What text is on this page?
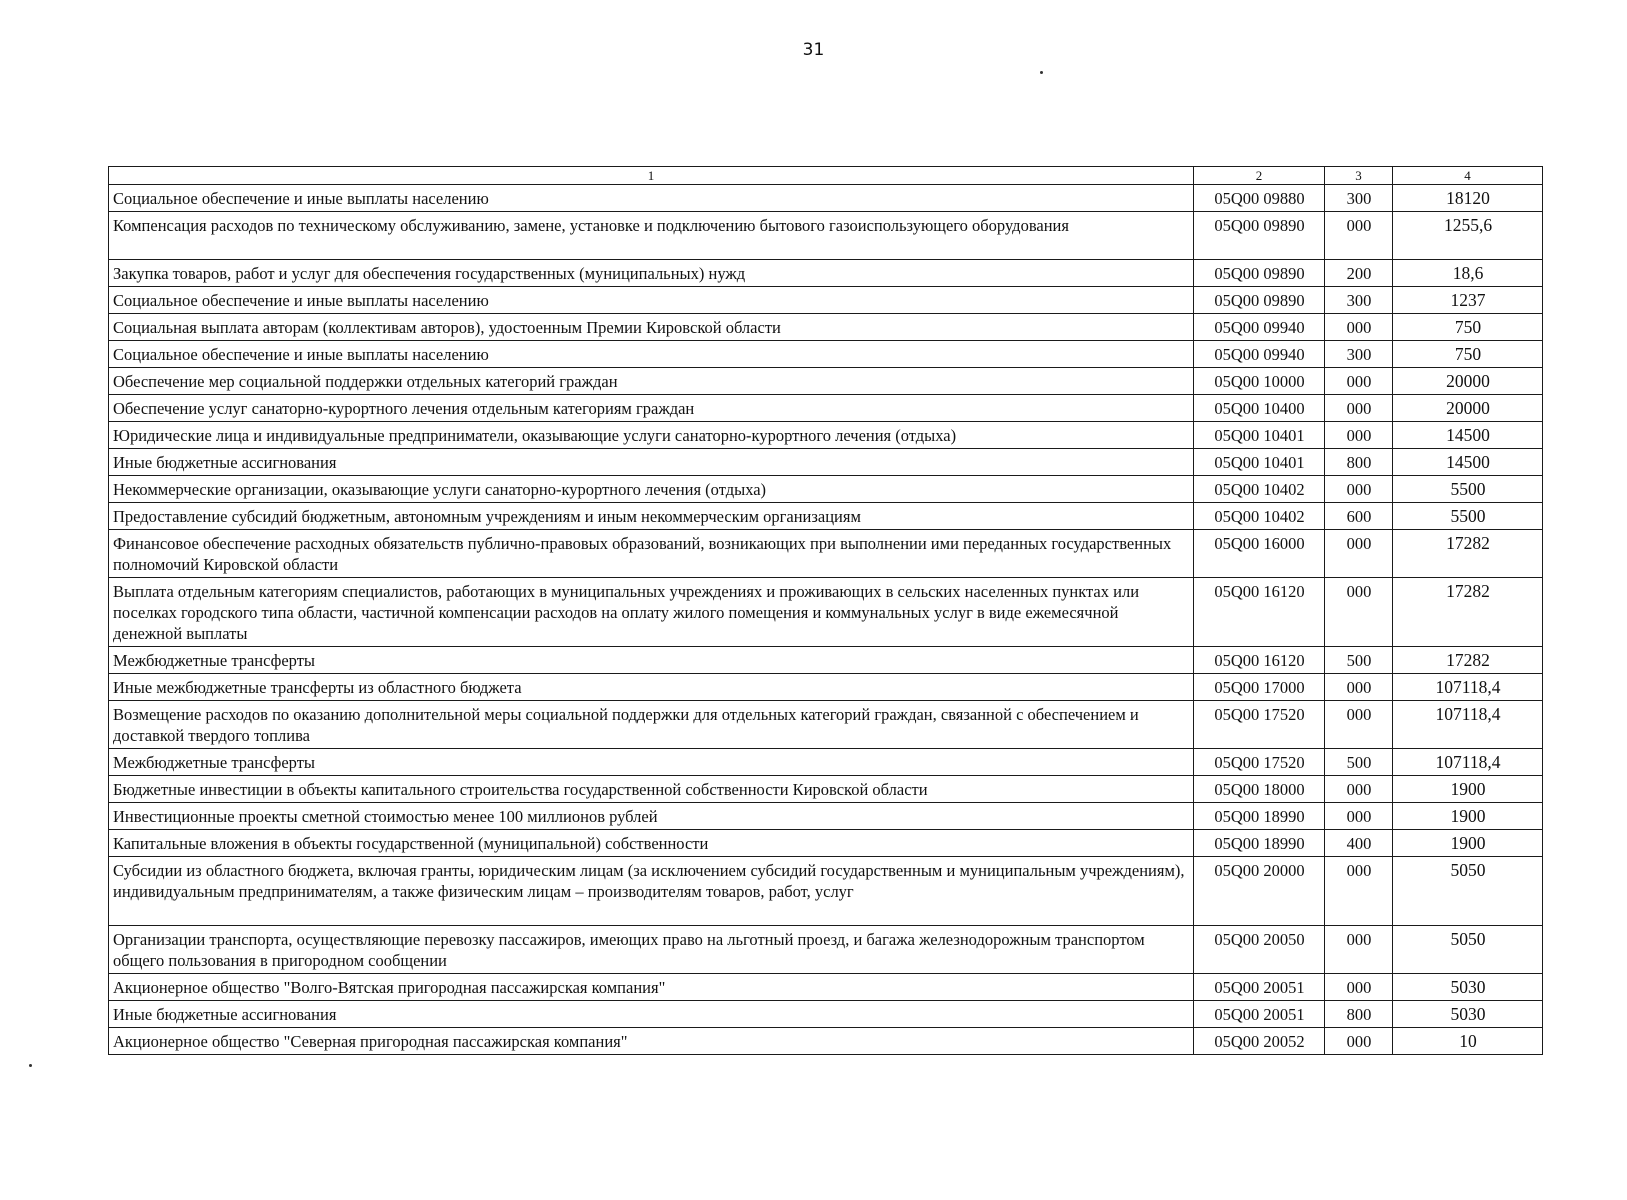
31
1	2	3	4
Социальное обеспечение и иные выплаты населению	05Q00 09880	300	18120
Компенсация расходов по техническому обслуживанию, замене, установке и подключению бытового газоиспользующего оборудования	05Q00 09890	000	1255,6
Закупка товаров, работ и услуг для обеспечения государственных (муниципальных) нужд	05Q00 09890	200	18,6
Социальное обеспечение и иные выплаты населению	05Q00 09890	300	1237
Социальная выплата авторам (коллективам авторов), удостоенным Премии Кировской области	05Q00 09940	000	750
Социальное обеспечение и иные выплаты населению	05Q00 09940	300	750
Обеспечение мер социальной поддержки отдельных категорий граждан	05Q00 10000	000	20000
Обеспечение услуг санаторно-курортного лечения отдельным категориям граждан	05Q00 10400	000	20000
Юридические лица и индивидуальные предприниматели, оказывающие услуги санаторно-курортного лечения (отдыха)	05Q00 10401	000	14500
Иные бюджетные ассигнования	05Q00 10401	800	14500
Некоммерческие организации, оказывающие услуги санаторно-курортного лечения (отдыха)	05Q00 10402	000	5500
Предоставление субсидий бюджетным, автономным учреждениям и иным некоммерческим организациям	05Q00 10402	600	5500
Финансовое обеспечение расходных обязательств публично-правовых образований, возникающих при выполнении ими переданных государственных полномочий Кировской области	05Q00 16000	000	17282
Выплата отдельным категориям специалистов, работающих в муниципальных учреждениях и проживающих в сельских населенных пунктах или поселках городского типа области, частичной компенсации расходов на оплату жилого помещения и коммунальных услуг в виде ежемесячной денежной выплаты	05Q00 16120	000	17282
Межбюджетные трансферты	05Q00 16120	500	17282
Иные межбюджетные трансферты из областного бюджета	05Q00 17000	000	107118,4
Возмещение расходов по оказанию дополнительной меры социальной поддержки для отдельных категорий граждан, связанной с обеспечением и доставкой твердого топлива	05Q00 17520	000	107118,4
Межбюджетные трансферты	05Q00 17520	500	107118,4
Бюджетные инвестиции в объекты капитального строительства государственной собственности Кировской области	05Q00 18000	000	1900
Инвестиционные проекты сметной стоимостью менее 100 миллионов рублей	05Q00 18990	000	1900
Капитальные вложения в объекты государственной (муниципальной) собственности	05Q00 18990	400	1900
Субсидии из областного бюджета, включая гранты, юридическим лицам (за исключением субсидий государственным и муниципальным учреждениям), индивидуальным предпринимателям, а также физическим лицам – производителям товаров, работ, услуг	05Q00 20000	000	5050
Организации транспорта, осуществляющие перевозку пассажиров, имеющих право на льготный проезд, и багажа железнодорожным транспортом общего пользования в пригородном сообщении	05Q00 20050	000	5050
Акционерное общество "Волго-Вятская пригородная пассажирская компания"	05Q00 20051	000	5030
Иные бюджетные ассигнования	05Q00 20051	800	5030
Акционерное общество "Северная пригородная пассажирская компания"	05Q00 20052	000	10
